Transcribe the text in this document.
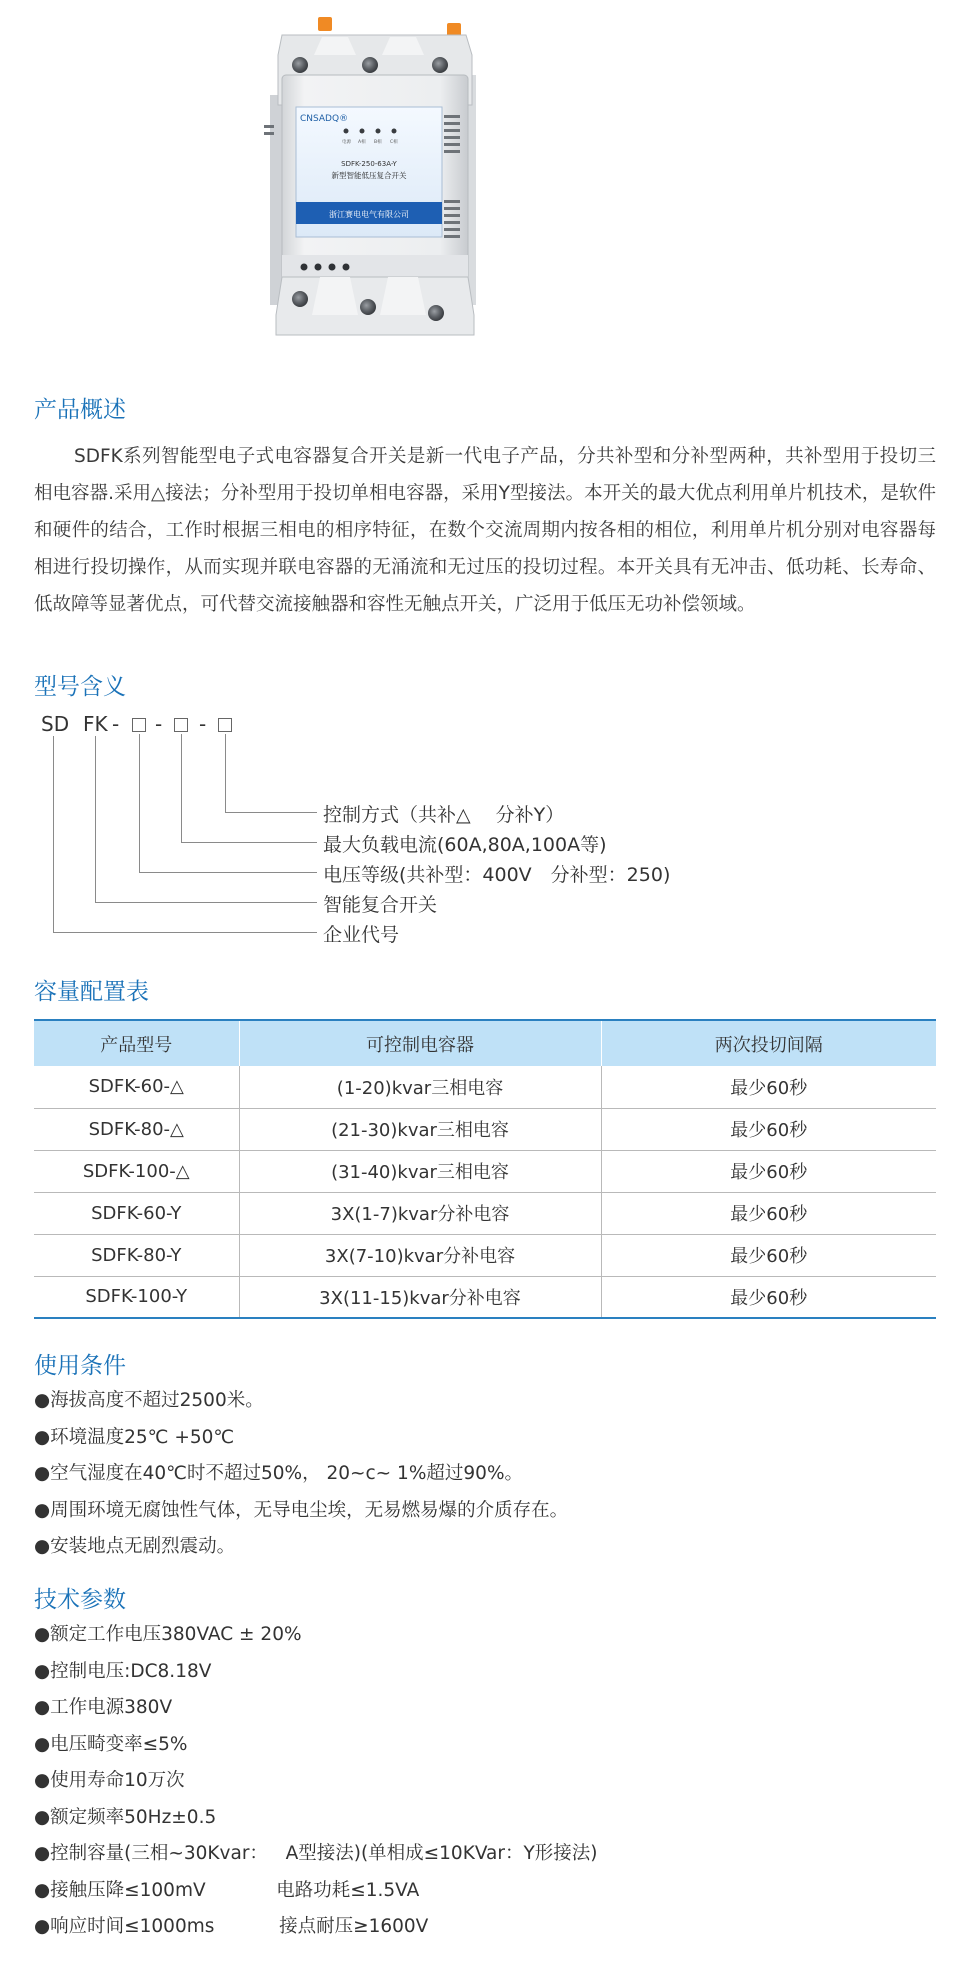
CNSADQ®
电源 A相 B相 C相
SDFK-250-63A-Y
新型智能低压复合开关
浙江赛电电气有限公司
产品概述

SDFK系列智能型电子式电容器复合开关是新一代电子产品，分共补型和分补型两种，共补型用于投切三相电容器.采用△接法；分补型用于投切单相电容器，采用Y型接法。本开关的最大优点利用单片机技术，是软件和硬件的结合，工作时根据三相电的相序特征，在数个交流周期内按各相的相位，利用单片机分别对电容器每相进行投切操作，从而实现并联电容器的无涌流和无过压的投切过程。本开关具有无冲击、低功耗、长寿命、低故障等显著优点，可代替交流接触器和容性无触点开关，广泛用于低压无功补偿领域。

型号含义
SD FK - - -
控制方式（共补△　 分补Y）
最大负载电流(60A,80A,100A等)
电压等级(共补型：400V　分补型：250)
智能复合开关
企业代号
容量配置表
产品型号	可控制电容器	两次投切间隔
SDFK-60-△	(1-20)kvar三相电容	最少60秒
SDFK-80-△	(21-30)kvar三相电容	最少60秒
SDFK-100-△	(31-40)kvar三相电容	最少60秒
SDFK-60-Y	3X(1-7)kvar分补电容	最少60秒
SDFK-80-Y	3X(7-10)kvar分补电容	最少60秒
SDFK-100-Y	3X(11-15)kvar分补电容	最少60秒
使用条件
●海拔高度不超过2500米。
●环境温度25℃ +50℃
●空气湿度在40℃时不超过50%， 20~c~ 1%超过90%。
●周围环境无腐蚀性气体，无导电尘埃，无易燃易爆的介质存在。
●安装地点无剧烈震动。
技术参数
●额定工作电压380VAC ± 20%
●控制电压:DC8.18V
●工作电源380V
●电压畸变率≤5%
●使用寿命10万次
●额定频率50Hz±0.5
●控制容量(三相~30Kvar：   A型接法)(单相成≤10KVar：Y形接法)
●接触压降≤100mV            电路功耗≤1.5VA
●响应时间≤1000ms           接点耐压≥1600V
